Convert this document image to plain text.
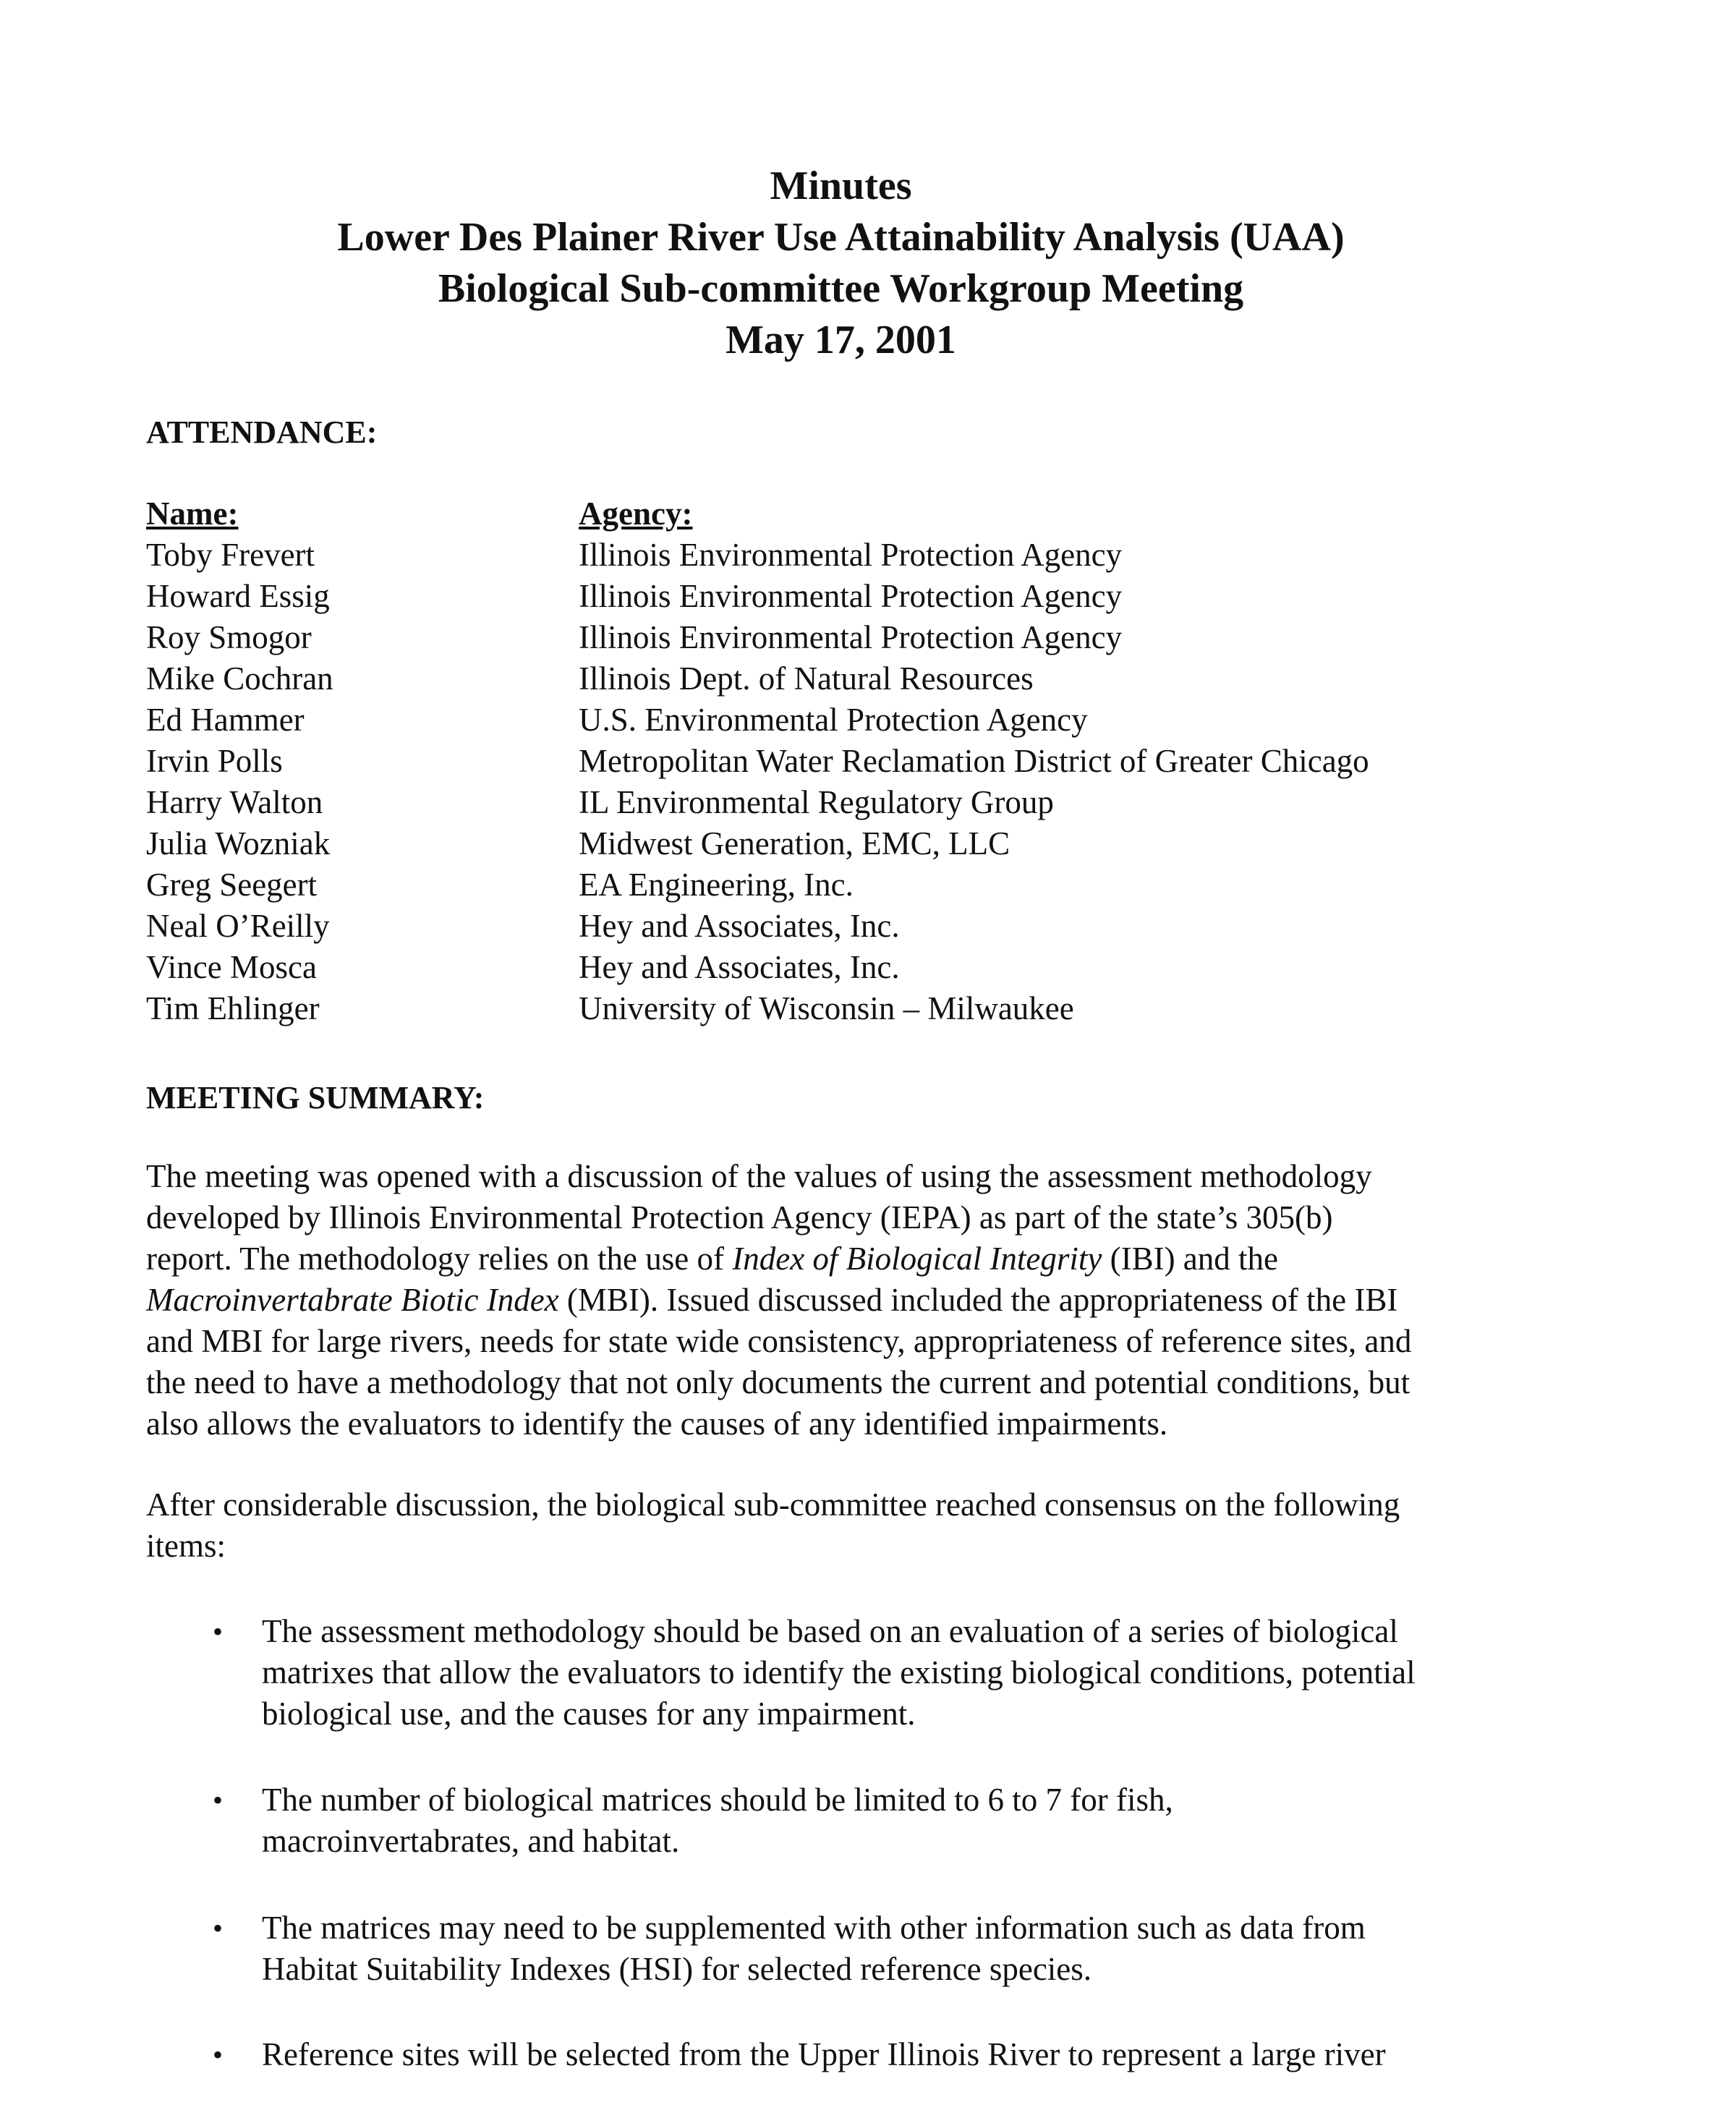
Minutes
Lower Des Plainer River Use Attainability Analysis (UAA)
Biological Sub-committee Workgroup Meeting
May 17, 2001
ATTENDANCE:
Name:
Toby Frevert
Howard Essig
Roy Smogor
Mike Cochran
Ed Hammer
Irvin Polls
Harry Walton
Julia Wozniak
Greg Seegert
Neal O’Reilly
Vince Mosca
Tim Ehlinger
Agency:
Illinois Environmental Protection Agency
Illinois Environmental Protection Agency
Illinois Environmental Protection Agency
Illinois Dept. of Natural Resources
U.S. Environmental Protection Agency
Metropolitan Water Reclamation District of Greater Chicago
IL Environmental Regulatory Group
Midwest Generation, EMC, LLC
EA Engineering, Inc.
Hey and Associates, Inc.
Hey and Associates, Inc.
University of Wisconsin – Milwaukee
MEETING SUMMARY:
The meeting was opened with a discussion of the values of using the assessment methodology
developed by Illinois Environmental Protection Agency (IEPA) as part of the state’s 305(b)
report. The methodology relies on the use of Index of Biological Integrity (IBI) and the
Macroinvertabrate Biotic Index (MBI). Issued discussed included the appropriateness of the IBI
and MBI for large rivers, needs for state wide consistency, appropriateness of reference sites, and
the need to have a methodology that not only documents the current and potential conditions, but
also allows the evaluators to identify the causes of any identified impairments.
After considerable discussion, the biological sub-committee reached consensus on the following
items:
• The assessment methodology should be based on an evaluation of a series of biological
matrixes that allow the evaluators to identify the existing biological conditions, potential
biological use, and the causes for any impairment.
• The number of biological matrices should be limited to 6 to 7 for fish,
macroinvertabrates, and habitat.
• The matrices may need to be supplemented with other information such as data from
Habitat Suitability Indexes (HSI) for selected reference species.
• Reference sites will be selected from the Upper Illinois River to represent a large river
